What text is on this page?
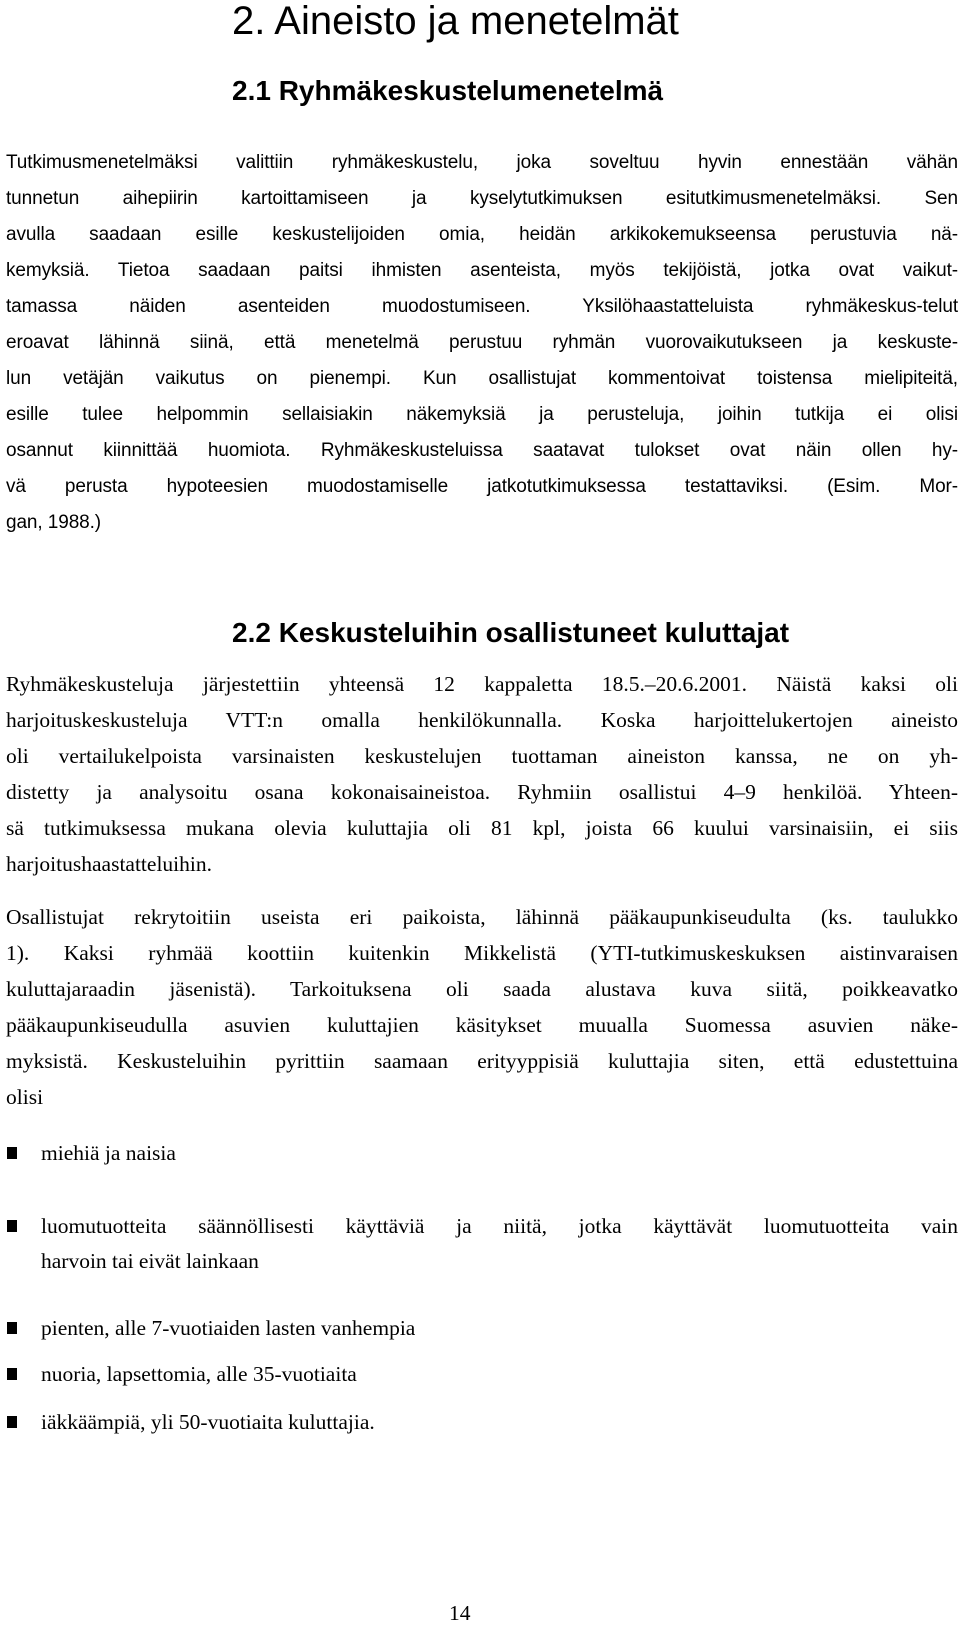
2. Aineisto ja menetelmät
2.1 Ryhmäkeskustelumenetelmä

Tutkimusmenetelmäksi valittiin ryhmäkeskustelu, joka soveltuu hyvin ennestään vähän
tunnetun aihepiirin kartoittamiseen ja kyselytutkimuksen esitutkimusmenetelmäksi. Sen
avulla saadaan esille keskustelijoiden omia, heidän arkikokemukseensa perustuvia nä-
kemyksiä. Tietoa saadaan paitsi ihmisten asenteista, myös tekijöistä, jotka ovat vaikut-
tamassa näiden asenteiden muodostumiseen. Yksilöhaastatteluista ryhmäkeskus-telut
eroavat lähinnä siinä, että menetelmä perustuu ryhmän vuorovaikutukseen ja keskuste-
lun vetäjän vaikutus on pienempi. Kun osallistujat kommentoivat toistensa mielipiteitä,
esille tulee helpommin sellaisiakin näkemyksiä ja perusteluja, joihin tutkija ei olisi
osannut kiinnittää huomiota. Ryhmäkeskusteluissa saatavat tulokset ovat näin ollen hy-
vä perusta hypoteesien muodostamiselle jatkotutkimuksessa testattaviksi. (Esim. Mor-
gan, 1988.)

2.2 Keskusteluihin osallistuneet kuluttajat

Ryhmäkeskusteluja järjestettiin yhteensä 12 kappaletta 18.5.–20.6.2001. Näistä kaksi oli
harjoituskeskusteluja VTT:n omalla henkilökunnalla. Koska harjoittelukertojen aineisto
oli vertailukelpoista varsinaisten keskustelujen tuottaman aineiston kanssa, ne on yh-
distetty ja analysoitu osana kokonaisaineistoa. Ryhmiin osallistui 4–9 henkilöä. Yhteen-
sä tutkimuksessa mukana olevia kuluttajia oli 81 kpl, joista 66 kuului varsinaisiin, ei siis
harjoitushaastatteluihin.

Osallistujat rekrytoitiin useista eri paikoista, lähinnä pääkaupunkiseudulta (ks. taulukko
1). Kaksi ryhmää koottiin kuitenkin Mikkelistä (YTI-tutkimuskeskuksen aistinvaraisen
kuluttajaraadin jäsenistä). Tarkoituksena oli saada alustava kuva siitä, poikkeavatko
pääkaupunkiseudulla asuvien kuluttajien käsitykset muualla Suomessa asuvien näke-
myksistä. Keskusteluihin pyrittiin saamaan erityyppisiä kuluttajia siten, että edustettuina
olisi

miehiä ja naisia
luomutuotteita säännöllisesti käyttäviä ja niitä, jotka käyttävät luomutuotteita vain
harvoin tai eivät lainkaan
pienten, alle 7-vuotiaiden lasten vanhempia
nuoria, lapsettomia, alle 35-vuotiaita
iäkkäämpiä, yli 50-vuotiaita kuluttajia.
14
